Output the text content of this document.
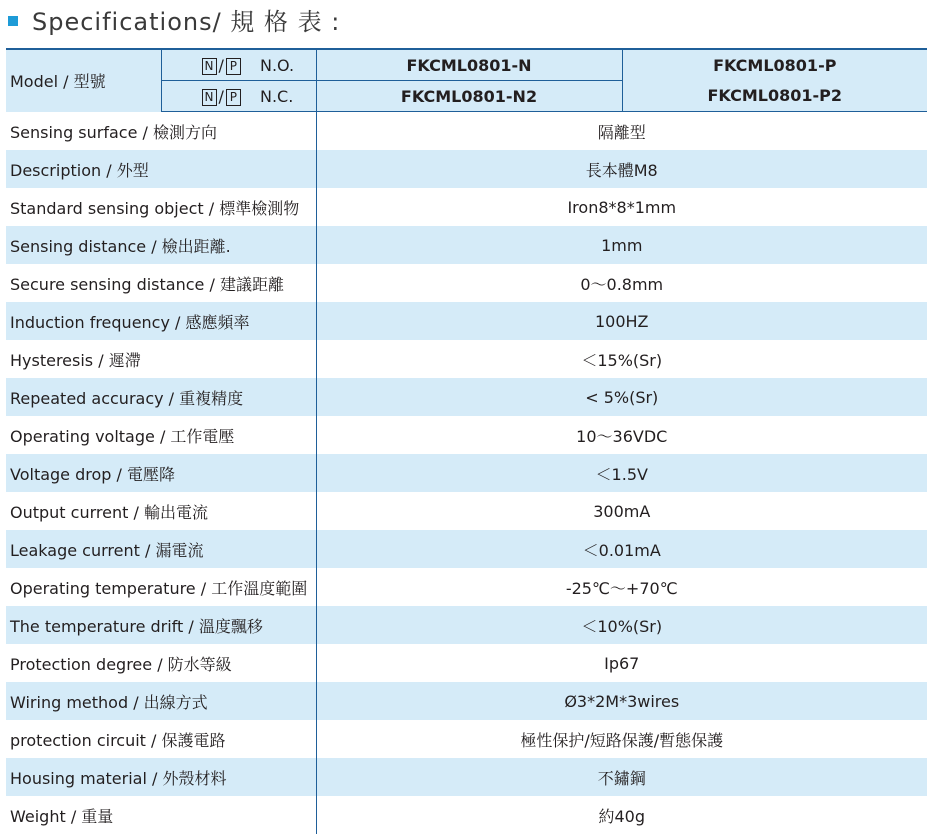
Specifications/ 規 格 表 :
Model / 型號	N / P N.O.	FKCML0801-N	FKCML0801-P
	N / P N.C.	FKCML0801-N2	FKCML0801-P2
Sensing surface / 檢測方向		隔離型	
Description / 外型		長本體M8	
Standard sensing object / 標準檢測物		Iron8*8*1mm	
Sensing distance / 檢出距離.		1mm	
Secure sensing distance / 建議距離		0～0.8mm	
Induction frequency / 感應頻率		100HZ	
Hysteresis / 遲滯		＜15%(Sr)	
Repeated accuracy / 重複精度		< 5%(Sr)	
Operating voltage / 工作電壓		10～36VDC	
Voltage drop / 電壓降		＜1.5V	
Output current / 輸出電流		300mA	
Leakage current / 漏電流		＜0.01mA	
Operating temperature / 工作溫度範圍		-25℃～+70℃	
The temperature drift / 溫度飄移		＜10%(Sr)	
Protection degree / 防水等級		Ip67	
Wiring method / 出線方式		Ø3*2M*3wires	
protection circuit / 保護電路		極性保护/短路保護/暫態保護	
Housing material / 外殼材料		不鏽鋼	
Weight / 重量		約40g	
